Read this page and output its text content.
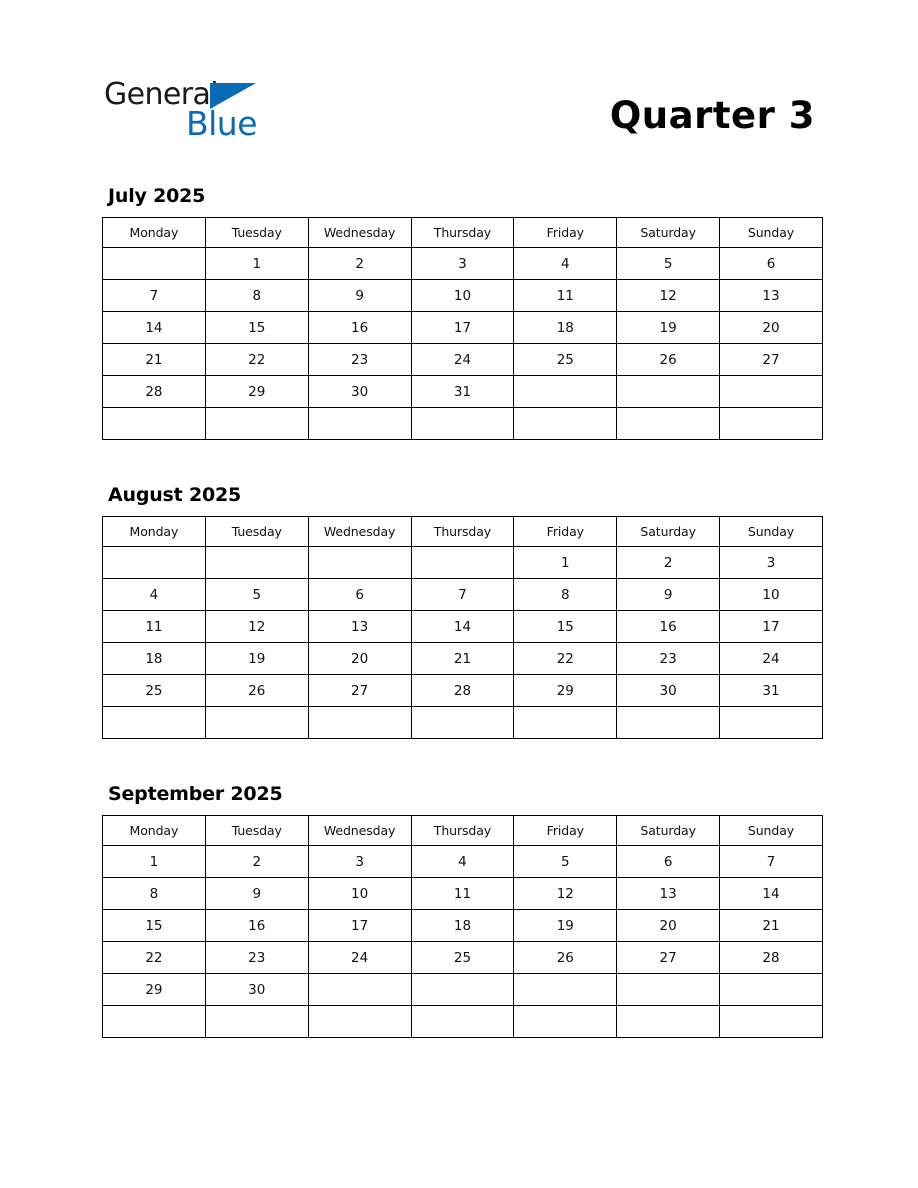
General
Blue	Quarter 3
July 2025
Monday	Tuesday	Wednesday	Thursday	Friday	Saturday	Sunday
	1	2	3	4	5	6
7	8	9	10	11	12	13
14	15	16	17	18	19	20
21	22	23	24	25	26	27
28	29	30	31			

August 2025
Monday	Tuesday	Wednesday	Thursday	Friday	Saturday	Sunday
				1	2	3
4	5	6	7	8	9	10
11	12	13	14	15	16	17
18	19	20	21	22	23	24
25	26	27	28	29	30	31

September 2025
Monday	Tuesday	Wednesday	Thursday	Friday	Saturday	Sunday
1	2	3	4	5	6	7
8	9	10	11	12	13	14
15	16	17	18	19	20	21
22	23	24	25	26	27	28
29	30					
